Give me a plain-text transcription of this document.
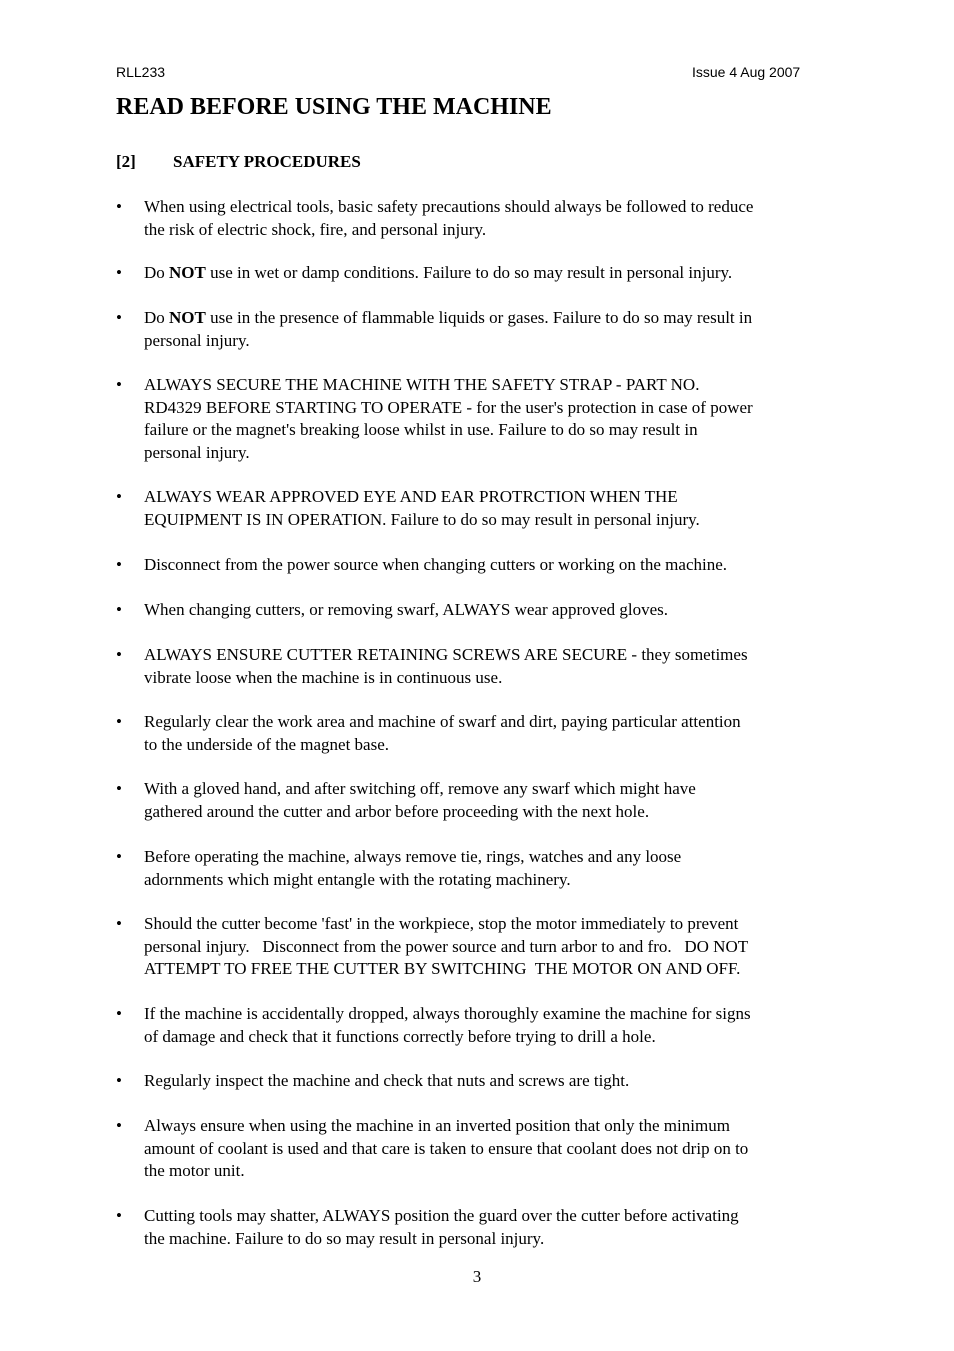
RLL233	Issue 4 Aug 2007
READ BEFORE USING THE MACHINE
[2] SAFETY PROCEDURES
• When using electrical tools, basic safety precautions should always be followed to reduce
the risk of electric shock, fire, and personal injury.
• Do NOT use in wet or damp conditions. Failure to do so may result in personal injury.
• Do NOT use in the presence of flammable liquids or gases. Failure to do so may result in
personal injury.
• ALWAYS SECURE THE MACHINE WITH THE SAFETY STRAP - PART NO.
RD4329 BEFORE STARTING TO OPERATE - for the user's protection in case of power
failure or the magnet's breaking loose whilst in use. Failure to do so may result in
personal injury.
• ALWAYS WEAR APPROVED EYE AND EAR PROTRCTION WHEN THE
EQUIPMENT IS IN OPERATION. Failure to do so may result in personal injury.
• Disconnect from the power source when changing cutters or working on the machine.
• When changing cutters, or removing swarf, ALWAYS wear approved gloves.
• ALWAYS ENSURE CUTTER RETAINING SCREWS ARE SECURE - they sometimes
vibrate loose when the machine is in continuous use.
• Regularly clear the work area and machine of swarf and dirt, paying particular attention
to the underside of the magnet base.
• With a gloved hand, and after switching off, remove any swarf which might have
gathered around the cutter and arbor before proceeding with the next hole.
• Before operating the machine, always remove tie, rings, watches and any loose
adornments which might entangle with the rotating machinery.
• Should the cutter become 'fast' in the workpiece, stop the motor immediately to prevent
personal injury.   Disconnect from the power source and turn arbor to and fro.   DO NOT
ATTEMPT TO FREE THE CUTTER BY SWITCHING  THE MOTOR ON AND OFF.
• If the machine is accidentally dropped, always thoroughly examine the machine for signs
of damage and check that it functions correctly before trying to drill a hole.
• Regularly inspect the machine and check that nuts and screws are tight.
• Always ensure when using the machine in an inverted position that only the minimum
amount of coolant is used and that care is taken to ensure that coolant does not drip on to
the motor unit.
• Cutting tools may shatter, ALWAYS position the guard over the cutter before activating
the machine. Failure to do so may result in personal injury.
3
